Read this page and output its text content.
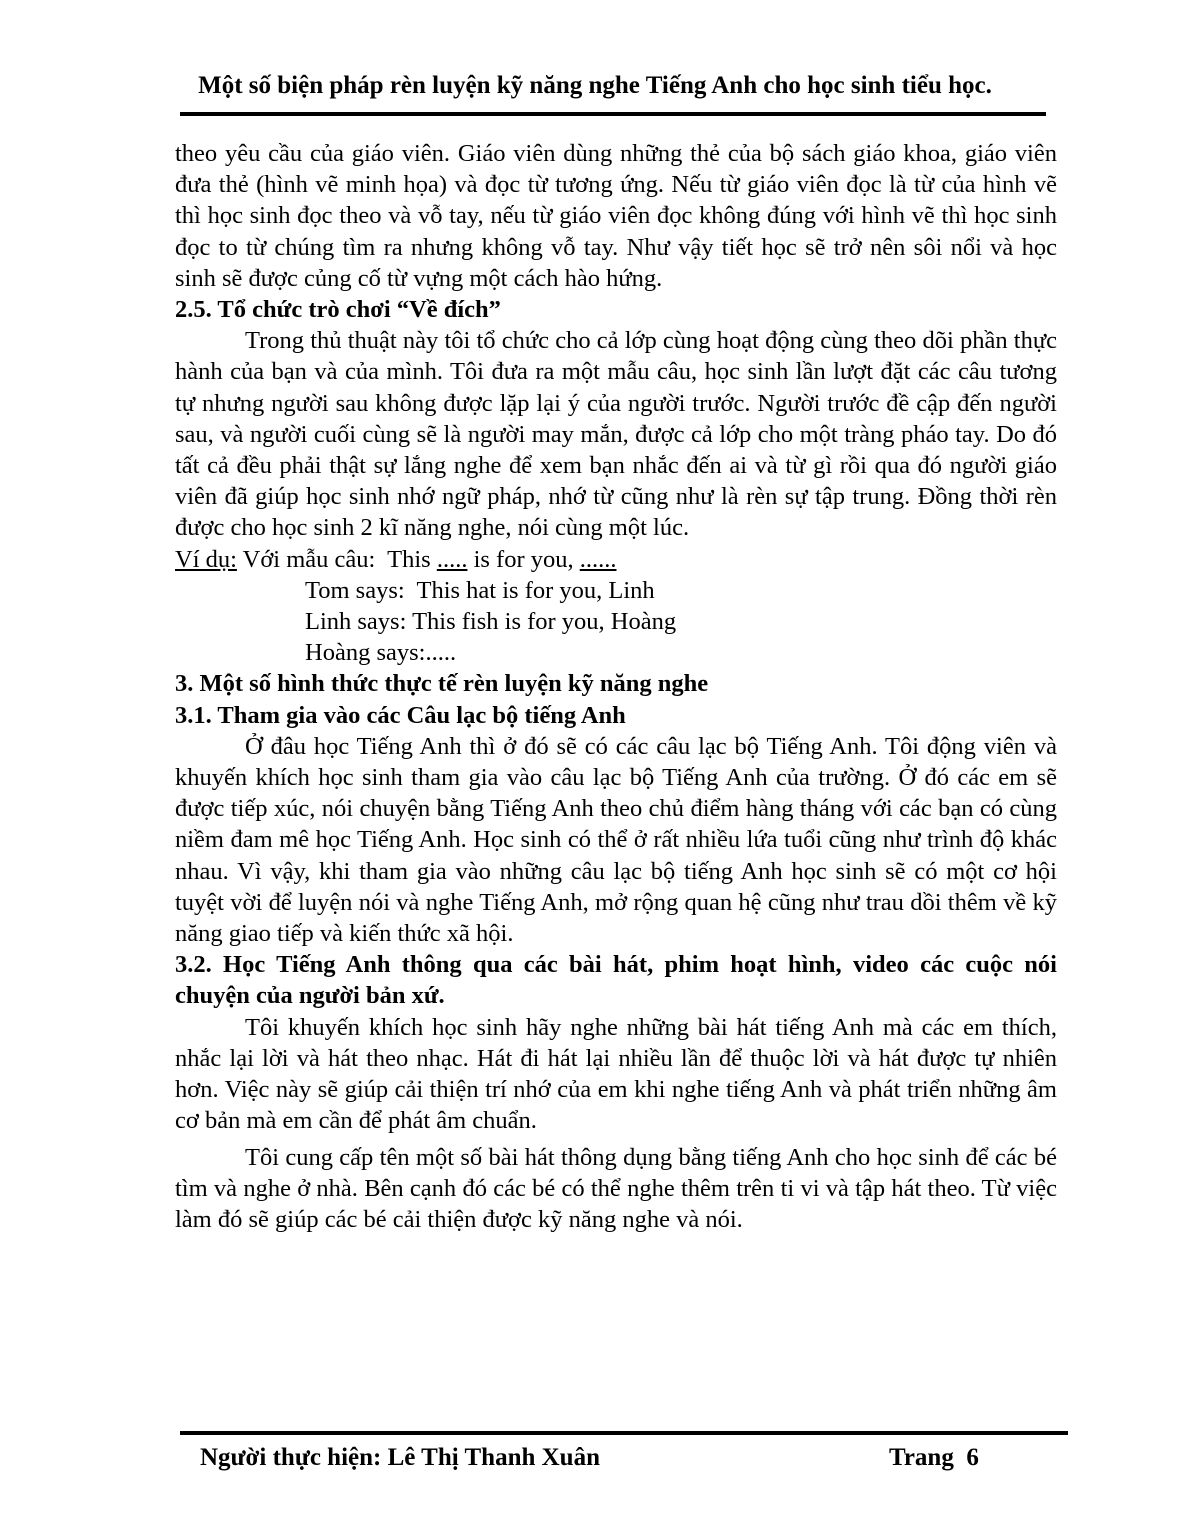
Một số biện pháp rèn luyện kỹ năng nghe Tiếng Anh cho học sinh tiểu học.

theo yêu cầu của giáo viên. Giáo viên dùng những thẻ của bộ sách giáo khoa, giáo viên đưa thẻ (hình vẽ minh họa) và đọc từ tương ứng. Nếu từ giáo viên đọc là từ của hình vẽ thì học sinh đọc theo và vỗ tay, nếu từ giáo viên đọc không đúng với hình vẽ thì học sinh đọc to từ chúng tìm ra nhưng không vỗ tay. Như vậy tiết học sẽ trở nên sôi nổi và học sinh sẽ được củng cố từ vựng một cách hào hứng.

2.5. Tổ chức trò chơi “Về đích”

Trong thủ thuật này tôi tổ chức cho cả lớp cùng hoạt động cùng theo dõi phần thực hành của bạn và của mình. Tôi đưa ra một mẫu câu, học sinh lần lượt đặt các câu tương tự nhưng người sau không được lặp lại ý của người trước. Người trước đề cập đến người sau, và người cuối cùng sẽ là người may mắn, được cả lớp cho một tràng pháo tay. Do đó tất cả đều phải thật sự lắng nghe để xem bạn nhắc đến ai và từ gì rồi qua đó người giáo viên đã giúp học sinh nhớ ngữ pháp, nhớ từ cũng như là rèn sự tập trung. Đồng thời rèn được cho học sinh 2 kĩ năng nghe, nói cùng một lúc.

Ví dụ: Với mẫu câu:  This ..... is for you, ......

Tom says:  This hat is for you, Linh

Linh says: This fish is for you, Hoàng

Hoàng says:.....

3. Một số hình thức thực tế rèn luyện kỹ năng nghe

3.1. Tham gia vào các Câu lạc bộ tiếng Anh

Ở đâu học Tiếng Anh thì ở đó sẽ có các câu lạc bộ Tiếng Anh. Tôi động viên và khuyến khích học sinh tham gia vào câu lạc bộ Tiếng Anh của trường. Ở đó các em sẽ được tiếp xúc, nói chuyện bằng Tiếng Anh theo chủ điểm hàng tháng với các bạn có cùng niềm đam mê học Tiếng Anh. Học sinh có thể ở rất nhiều lứa tuổi cũng như trình độ khác nhau. Vì vậy, khi tham gia vào những câu lạc bộ tiếng Anh học sinh sẽ có một cơ hội tuyệt vời để luyện nói và nghe Tiếng Anh, mở rộng quan hệ cũng như trau dồi thêm về kỹ năng giao tiếp và kiến thức xã hội.

3.2. Học Tiếng Anh thông qua các bài hát, phim hoạt hình, video các cuộc nói chuyện của người bản xứ.

Tôi khuyến khích học sinh hãy nghe những bài hát tiếng Anh mà các em thích, nhắc lại lời và hát theo nhạc. Hát đi hát lại nhiều lần để thuộc lời và hát được tự nhiên hơn. Việc này sẽ giúp cải thiện trí nhớ của em khi nghe tiếng Anh và phát triển những âm cơ bản mà em cần để phát âm chuẩn.

Tôi cung cấp tên một số bài hát thông dụng bằng tiếng Anh cho học sinh để các bé tìm và nghe ở nhà. Bên cạnh đó các bé có thể nghe thêm trên ti vi và tập hát theo. Từ việc làm đó sẽ giúp các bé cải thiện được kỹ năng nghe và nói.

Người thực hiện: Lê Thị Thanh Xuân	Trang  6
